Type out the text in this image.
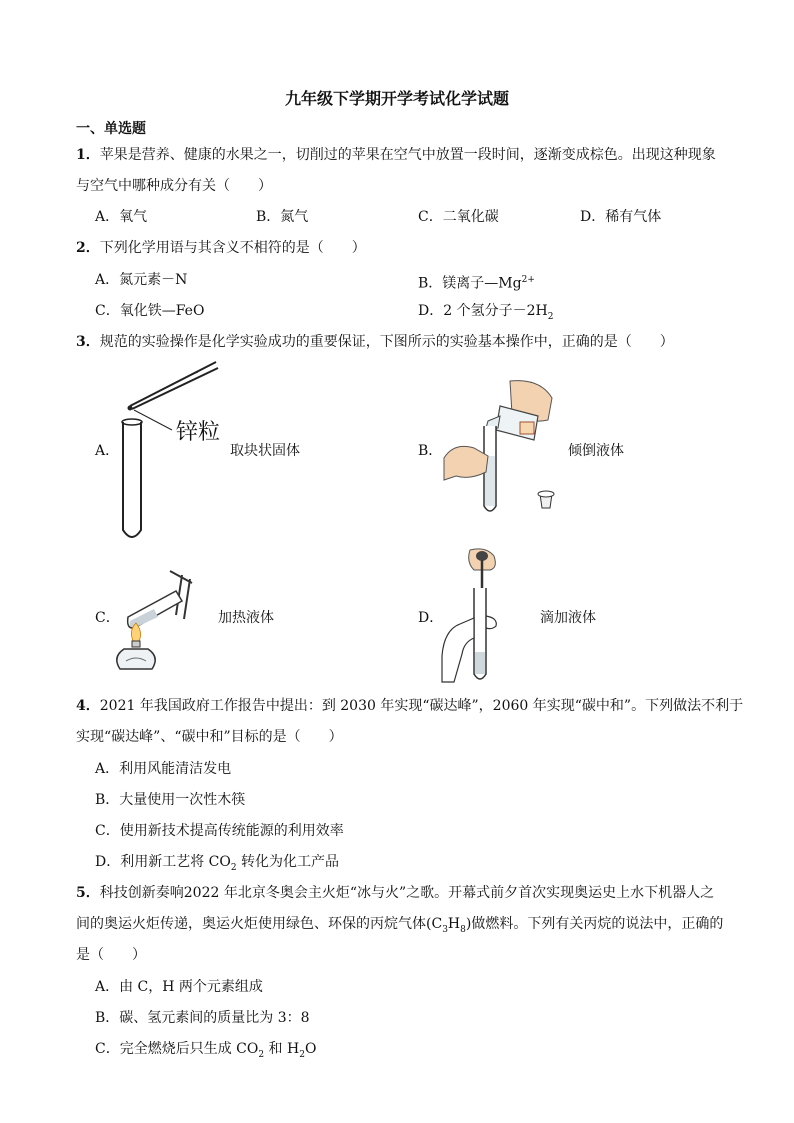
九年级下学期开学考试化学试题
一、单选题
1．苹果是营养、健康的水果之一，切削过的苹果在空气中放置一段时间，逐渐变成棕色。出现这种现象
与空气中哪种成分有关（　　）
A．氧气	B．氮气	C．二氧化碳	D．稀有气体
2．下列化学用语与其含义不相符的是（　　）
A．氮元素－N	B．镁离子$—Mg^{2+}$
C．氧化铁—FeO	D．2 个氢分子$-2H_2$
3．规范的实验操作是化学实验成功的重要保证，下图所示的实验基本操作中，正确的是（　　）
A．
锌粒
取块状固体	B．	倾倒液体
C．	加热液体	D．	滴加液体
4．2021 年我国政府工作报告中提出：到 2030 年实现“碳达峰”，2060 年实现“碳中和”。下列做法不利于
实现“碳达峰”、“碳中和”目标的是（　　）
A．利用风能清洁发电
B．大量使用一次性木筷
C．使用新技术提高传统能源的利用效率
D．利用新工艺将 $CO_2$ 转化为化工产品
5．科技创新奏响2022 年北京冬奥会主火炬“冰与火”之歌。开幕式前夕首次实现奥运史上水下机器人之
间的奥运火炬传递，奥运火炬使用绿色、环保的丙烷气体$(C_3H_8)$做燃料。下列有关丙烷的说法中，正确的
是（　　）
A．由 C，H 两个元素组成
B．碳、氢元素间的质量比为 3：8
C．完全燃烧后只生成 $CO_2$ 和 $H_2O$
